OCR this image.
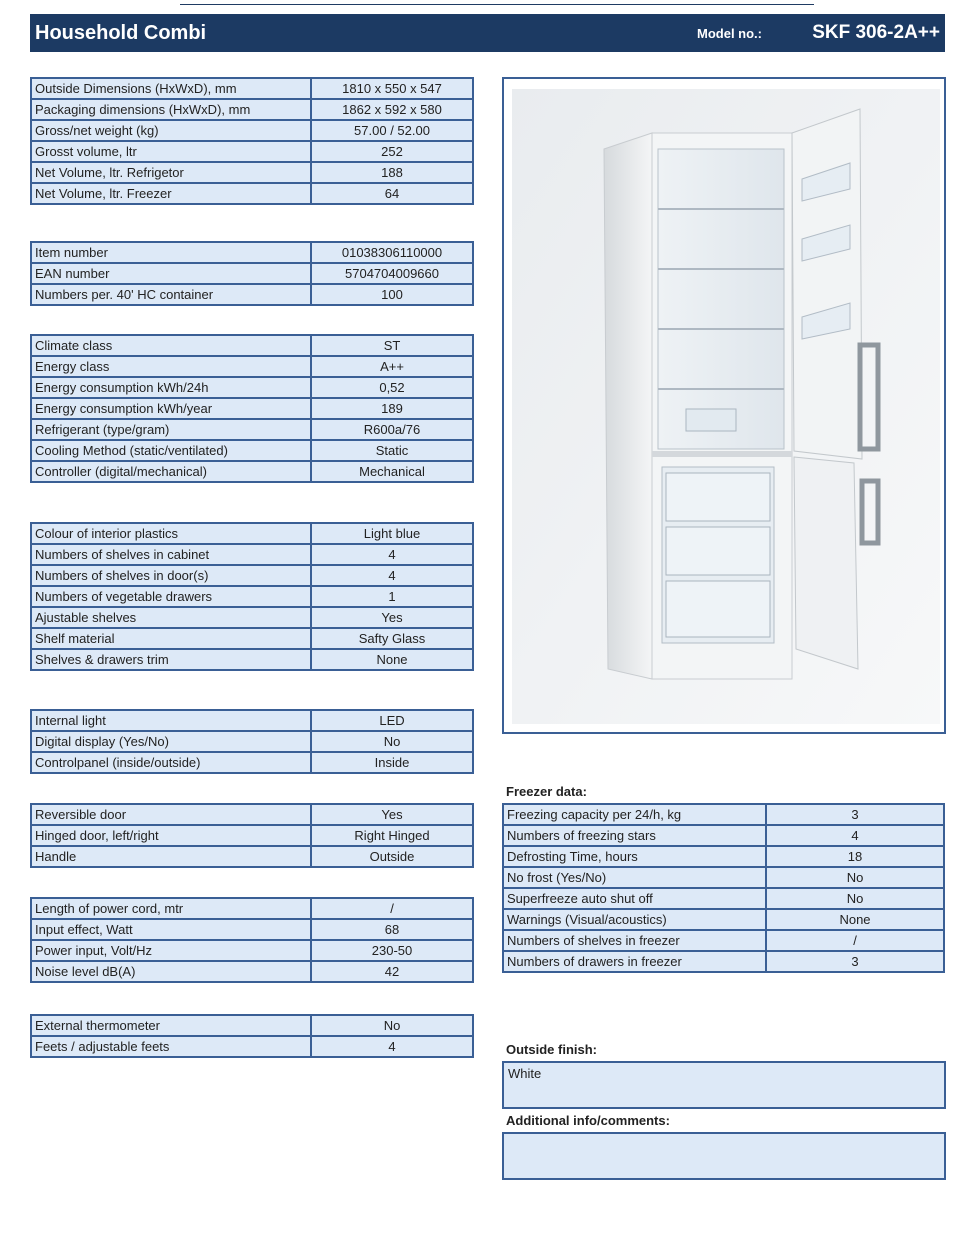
Household Combi	Model no.:	SKF 306-2A++
Outside Dimensions (HxWxD), mm	1810 x 550 x 547
Packaging dimensions (HxWxD), mm	1862 x 592 x 580
Gross/net weight (kg)	57.00 / 52.00
Grosst volume, ltr	252
Net Volume, ltr. Refrigetor	188
Net Volume, ltr. Freezer	64
Item number	01038306110000
EAN number	5704704009660
Numbers per. 40' HC container	100
Climate class	ST
Energy class	A++
Energy consumption kWh/24h	0,52
Energy consumption kWh/year	189
Refrigerant (type/gram)	R600a/76
Cooling Method (static/ventilated)	Static
Controller (digital/mechanical)	Mechanical
Colour of interior plastics	Light blue
Numbers of shelves in cabinet	4
Numbers of shelves in door(s)	4
Numbers of vegetable drawers	1
Ajustable shelves	Yes
Shelf material	Safty Glass
Shelves & drawers trim	None
Internal light	LED
Digital display (Yes/No)	No
Controlpanel (inside/outside)	Inside
Reversible door	Yes
Hinged door, left/right	Right Hinged
Handle	Outside
Length of power cord, mtr	/
Input effect, Watt	68
Power input, Volt/Hz	230-50
Noise level dB(A)	42
External thermometer	No
Feets / adjustable feets	4
Freezer data:
Freezing capacity per 24/h, kg	3
Numbers of freezing stars	4
Defrosting Time, hours	18
No frost (Yes/No)	No
Superfreeze auto shut off	No
Warnings (Visual/acoustics)	None
Numbers of shelves in freezer	/
Numbers of drawers in freezer	3
Outside finish:
White
Additional info/comments:
